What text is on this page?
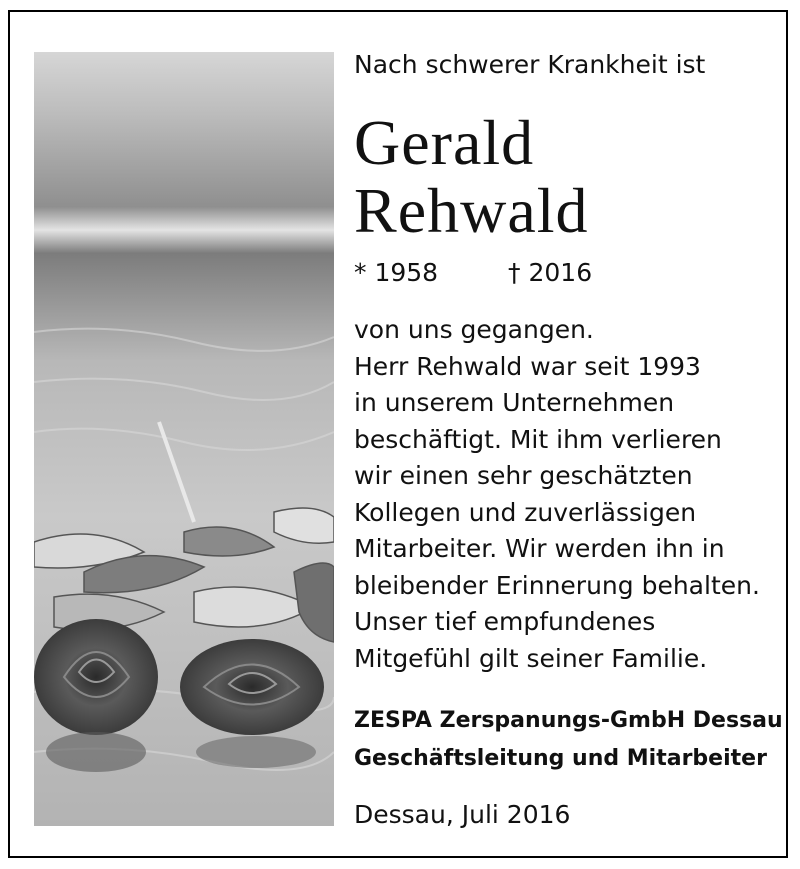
Nach schwerer Krankheit ist
Gerald
Rehwald
* 1958	† 2016
von uns gegangen.
Herr Rehwald war seit 1993
in unserem Unternehmen
beschäftigt. Mit ihm verlieren
wir einen sehr geschätzten
Kollegen und zuverlässigen
Mitarbeiter. Wir werden ihn in
bleibender Erinnerung behalten.
Unser tief empfundenes
Mitgefühl gilt seiner Familie.
ZESPA Zerspanungs-GmbH Dessau
Geschäftsleitung und Mitarbeiter
Dessau, Juli 2016
